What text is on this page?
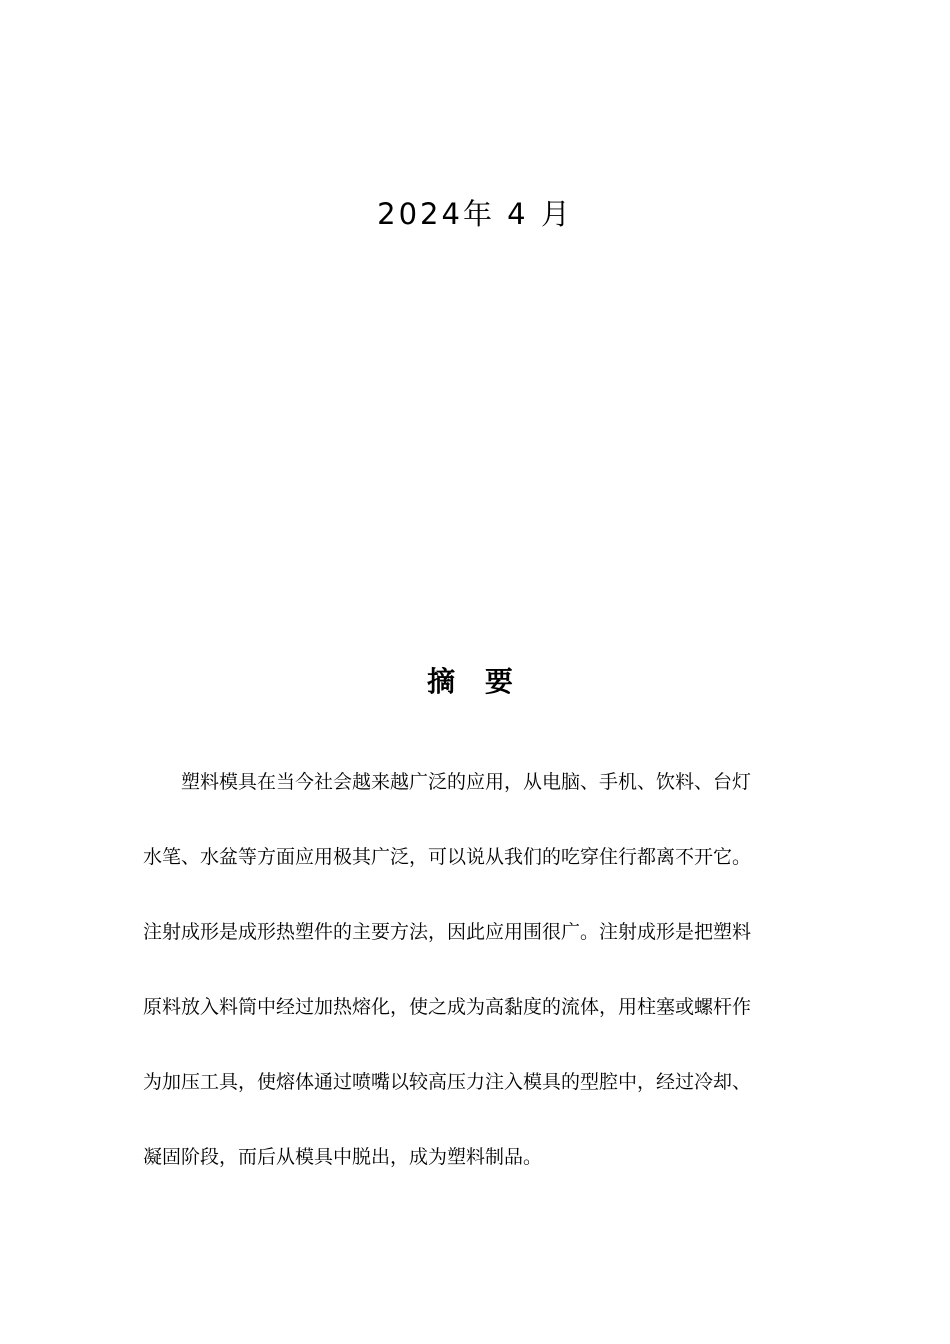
2024年 4 月
摘 要
塑料模具在当今社会越来越广泛的应用，从电脑、手机、饮料、台灯
水笔、水盆等方面应用极其广泛，可以说从我们的吃穿住行都离不开它。
注射成形是成形热塑件的主要方法，因此应用围很广。注射成形是把塑料
原料放入料筒中经过加热熔化，使之成为高黏度的流体，用柱塞或螺杆作
为加压工具，使熔体通过喷嘴以较高压力注入模具的型腔中，经过冷却、
凝固阶段，而后从模具中脱出，成为塑料制品。
